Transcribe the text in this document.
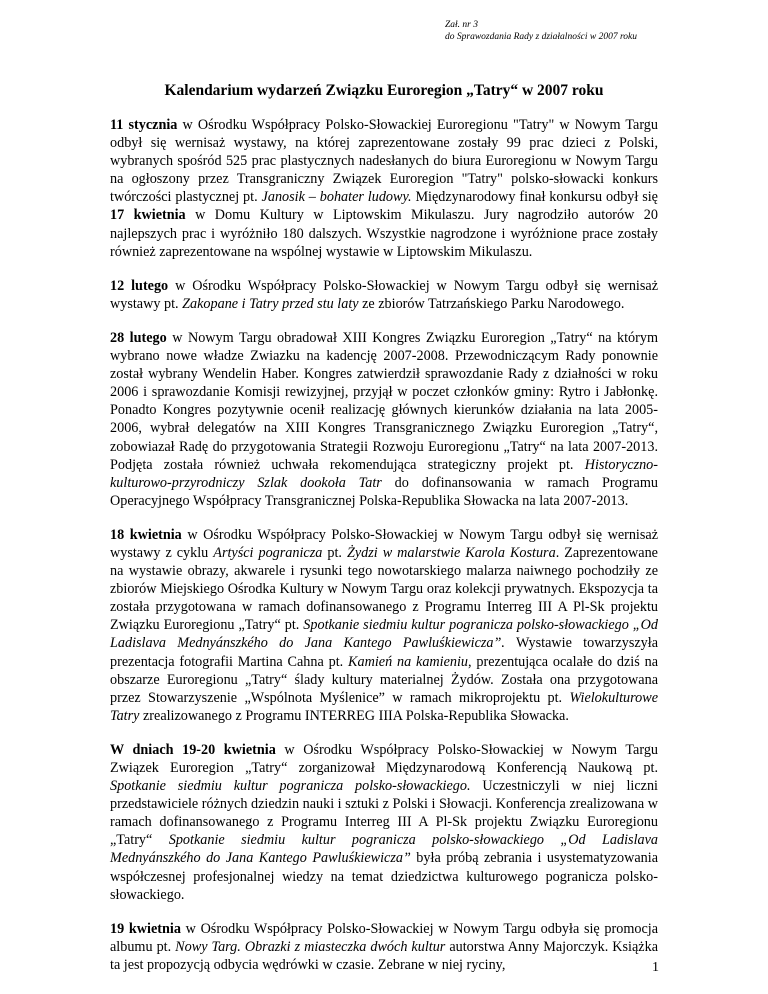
Zał. nr 3
do Sprawozdania Rady z działalności w 2007 roku
Kalendarium wydarzeń Związku Euroregion „Tatry“ w 2007 roku

11 stycznia w Ośrodku Współpracy Polsko-Słowackiej Euroregionu "Tatry" w Nowym Targu odbył się wernisaż wystawy, na której zaprezentowane zostały 99 prac dzieci z Polski, wybranych spośród 525 prac plastycznych nadesłanych do biura Euroregionu w Nowym Targu na ogłoszony przez Transgraniczny Związek Euroregion "Tatry" polsko-słowacki konkurs twórczości plastycznej pt. Janosik – bohater ludowy. Międzynarodowy finał konkursu odbył się 17 kwietnia w Domu Kultury w Liptowskim Mikulaszu. Jury nagrodziło autorów 20 najlepszych prac i wyróżniło 180 dalszych. Wszystkie nagrodzone i wyróżnione prace zostały również zaprezentowane na wspólnej wystawie w Liptowskim Mikulaszu.

12 lutego w Ośrodku Współpracy Polsko-Słowackiej w Nowym Targu odbył się wernisaż wystawy pt. Zakopane i Tatry przed stu laty ze zbiorów Tatrzańskiego Parku Narodowego.

28 lutego w Nowym Targu obradował XIII Kongres Związku Euroregion „Tatry“ na którym wybrano nowe władze Zwiazku na kadencję 2007-2008. Przewodniczącym Rady ponownie został wybrany Wendelin Haber. Kongres zatwierdził sprawozdanie Rady z działności w roku 2006 i sprawozdanie Komisji rewizyjnej, przyjął w poczet członków gminy: Rytro i Jabłonkę. Ponadto Kongres pozytywnie ocenił realizację głównych kierunków działania na lata 2005-2006, wybrał delegatów na XIII Kongres Transgranicznego Związku Euroregion „Tatry“, zobowiazał Radę do przygotowania Strategii Rozwoju Euroregionu „Tatry“ na lata 2007-2013. Podjęta została również uchwała rekomendująca strategiczny projekt pt. Historyczno-kulturowo-przyrodniczy Szlak dookoła Tatr do dofinansowania w ramach Programu Operacyjnego Współpracy Transgranicznej Polska-Republika Słowacka na lata 2007-2013.

18 kwietnia w Ośrodku Współpracy Polsko-Słowackiej w Nowym Targu odbył się wernisaż wystawy z cyklu Artyści pogranicza pt. Żydzi w malarstwie Karola Kostura. Zaprezentowane na wystawie obrazy, akwarele i rysunki tego nowotarskiego malarza naiwnego pochodziły ze zbiorów Miejskiego Ośrodka Kultury w Nowym Targu oraz kolekcji prywatnych. Ekspozycja ta została przygotowana w ramach dofinansowanego z Programu Interreg III A Pl-Sk projektu Związku Euroregionu „Tatry“ pt. Spotkanie siedmiu kultur pogranicza polsko-słowackiego „Od Ladislava Mednyánszkého do Jana Kantego Pawluśkiewicza”. Wystawie towarzyszyła prezentacja fotografii Martina Cahna pt. Kamień na kamieniu, prezentująca ocalałe do dziś na obszarze Euroregionu „Tatry“ ślady kultury materialnej Żydów. Została ona przygotowana przez Stowarzyszenie „Wspólnota Myślenice” w ramach mikroprojektu pt. Wielokulturowe Tatry zrealizowanego z Programu INTERREG IIIA Polska-Republika Słowacka.

W dniach 19-20 kwietnia w Ośrodku Współpracy Polsko-Słowackiej w Nowym Targu Związek Euroregion „Tatry“ zorganizował Międzynarodową Konferencją Naukową pt. Spotkanie siedmiu kultur pogranicza polsko-słowackiego. Uczestniczyli w niej liczni przedstawiciele różnych dziedzin nauki i sztuki z Polski i Słowacji. Konferencja zrealizowana w ramach dofinansowanego z Programu Interreg III A Pl-Sk projektu Związku Euroregionu „Tatry“ Spotkanie siedmiu kultur pogranicza polsko-słowackiego „Od Ladislava Mednyánszkého do Jana Kantego Pawluśkiewicza” była próbą zebrania i usystematyzowania współczesnej profesjonalnej wiedzy na temat dziedzictwa kulturowego pogranicza polsko-słowackiego.

19 kwietnia w Ośrodku Współpracy Polsko-Słowackiej w Nowym Targu odbyła się promocja albumu pt. Nowy Targ. Obrazki z miasteczka dwóch kultur autorstwa Anny Majorczyk. Książka ta jest propozycją odbycia wędrówki w czasie. Zebrane w niej ryciny,	1
